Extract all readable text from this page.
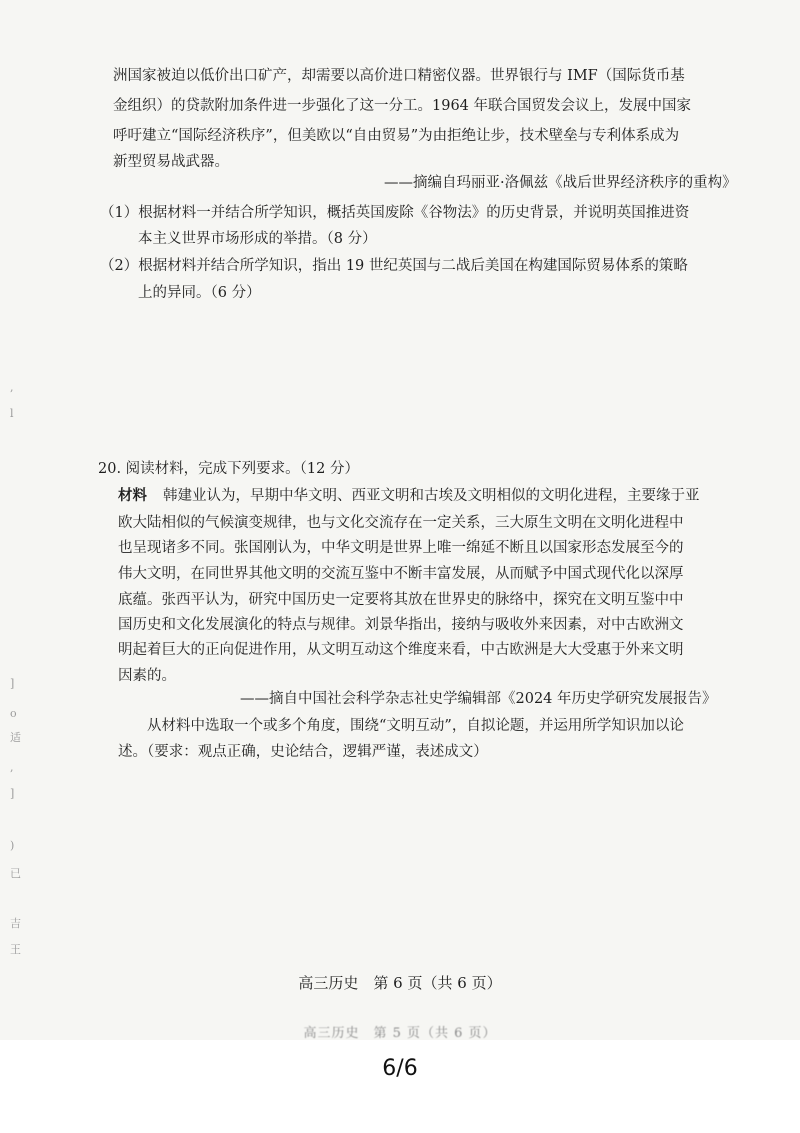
洲国家被迫以低价出口矿产，却需要以高价进口精密仪器。世界银行与 IMF（国际货币基
金组织）的贷款附加条件进一步强化了这一分工。1964 年联合国贸发会议上，发展中国家
呼吁建立“国际经济秩序”，但美欧以“自由贸易”为由拒绝让步，技术壁垒与专利体系成为
新型贸易战武器。
——摘编自玛丽亚·洛佩兹《战后世界经济秩序的重构》
（1）根据材料一并结合所学知识，概括英国废除《谷物法》的历史背景，并说明英国推进资
本主义世界市场形成的举措。（8 分）
（2）根据材料并结合所学知识，指出 19 世纪英国与二战后美国在构建国际贸易体系的策略
上的异同。（6 分）
20. 阅读材料，完成下列要求。（12 分）
材料 韩建业认为，早期中华文明、西亚文明和古埃及文明相似的文明化进程，主要缘于亚
欧大陆相似的气候演变规律，也与文化交流存在一定关系，三大原生文明在文明化进程中
也呈现诸多不同。张国刚认为，中华文明是世界上唯一绵延不断且以国家形态发展至今的
伟大文明，在同世界其他文明的交流互鉴中不断丰富发展，从而赋予中国式现代化以深厚
底蕴。张西平认为，研究中国历史一定要将其放在世界史的脉络中，探究在文明互鉴中中
国历史和文化发展演化的特点与规律。刘景华指出，接纳与吸收外来因素，对中古欧洲文
明起着巨大的正向促进作用，从文明互动这个维度来看，中古欧洲是大大受惠于外来文明
因素的。
——摘自中国社会科学杂志社史学编辑部《2024 年历史学研究发展报告》
从材料中选取一个或多个角度，围绕“文明互动”，自拟论题，并运用所学知识加以论
述。（要求：观点正确，史论结合，逻辑严谨，表述成文）
,
l
]
o
适
,
]
)
已
吉
王
高三历史　第 6 页（共 6 页）
高三历史　第 5 页（共 6 页）
6/6
